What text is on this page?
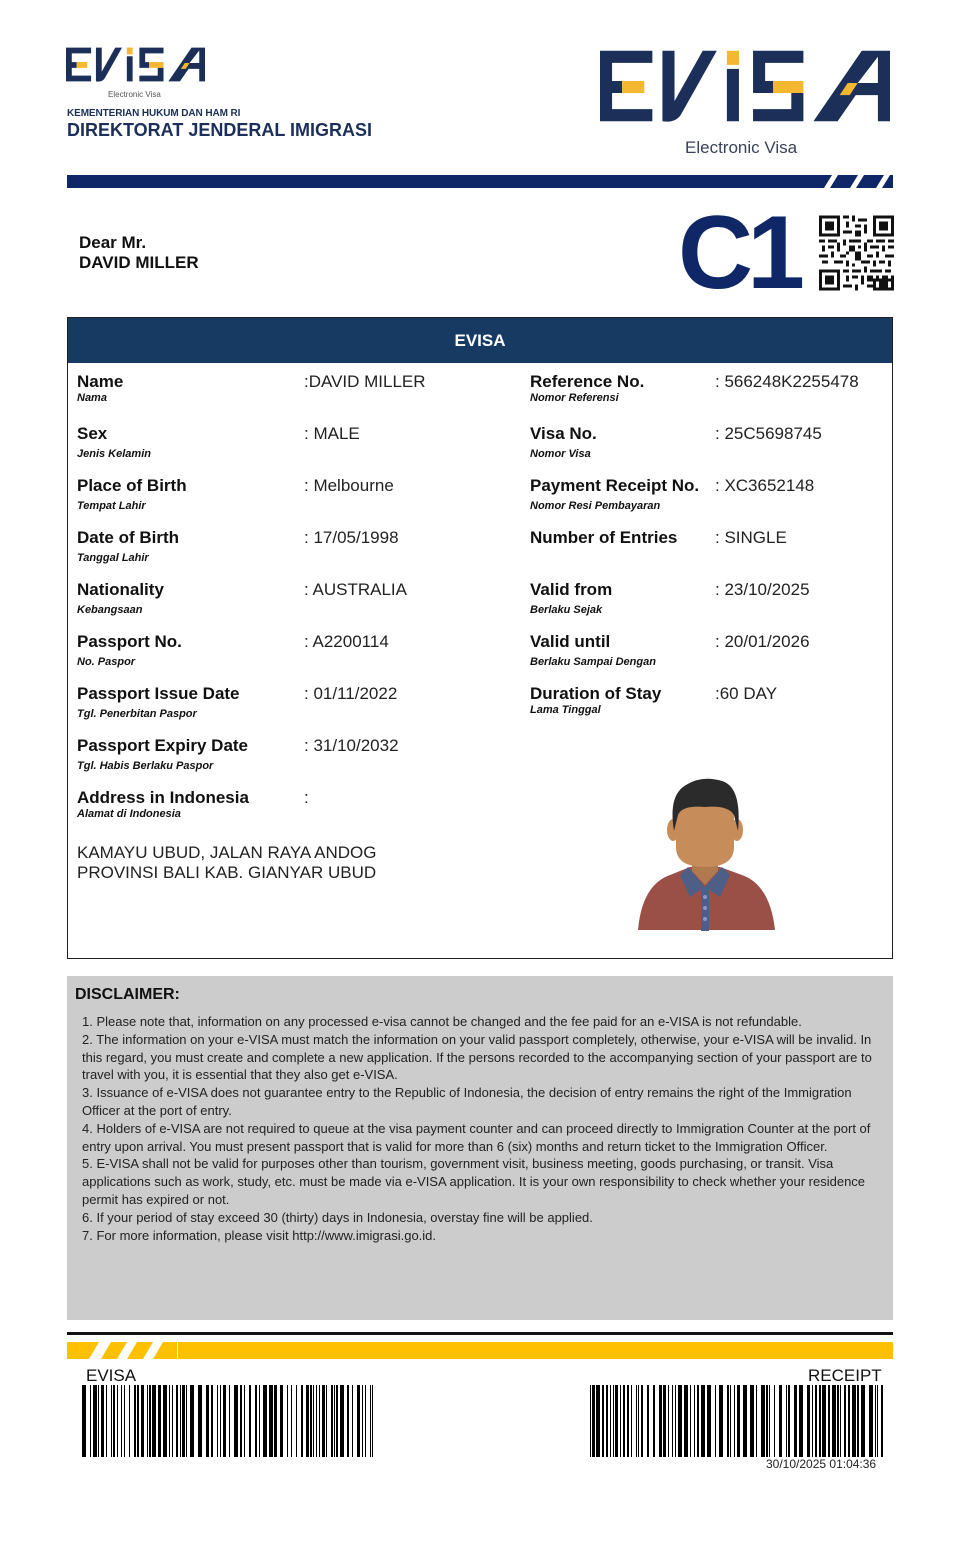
Electronic Visa
KEMENTERIAN HUKUM DAN HAM RI
DIREKTORAT JENDERAL IMIGRASI
Electronic Visa
Dear Mr.
DAVID MILLER	C1
EVISA
Name
Nama
:DAVID MILLER
Sex
Jenis Kelamin
: MALE
Place of Birth
Tempat Lahir
: Melbourne
Date of Birth
Tanggal Lahir
: 17/05/1998
Nationality
Kebangsaan
: AUSTRALIA
Passport No.
No. Paspor
: A2200114
Passport Issue Date
Tgl. Penerbitan Paspor
: 01/11/2022
Passport Expiry Date
Tgl. Habis Berlaku Paspor
: 31/10/2032
Address in Indonesia
Alamat di Indonesia
:
KAMAYU UBUD, JALAN RAYA ANDOG
PROVINSI BALI KAB. GIANYAR UBUD
Reference No.
Nomor Referensi
: 566248K2255478
Visa No.
Nomor Visa
: 25C5698745
Payment Receipt No.
Nomor Resi Pembayaran
: XC3652148
Number of Entries : SINGLE
Valid from
Berlaku Sejak
: 23/10/2025
Valid until
Berlaku Sampai Dengan
: 20/01/2026
Duration of Stay
Lama Tinggal
:60 DAY
DISCLAIMER:
1. Please note that, information on any processed e-visa cannot be changed and the fee paid for an e-VISA is not refundable.
2. The information on your e-VISA must match the information on your valid passport completely, otherwise, your e-VISA will be invalid. In this regard, you must create and complete a new application. If the persons recorded to the accompanying section of your passport are to travel with you, it is essential that they also get e-VISA.
3. Issuance of e-VISA does not guarantee entry to the Republic of Indonesia, the decision of entry remains the right of the Immigration Officer at the port of entry.
4. Holders of e-VISA are not required to queue at the visa payment counter and can proceed directly to Immigration Counter at the port of entry upon arrival. You must present passport that is valid for more than 6 (six) months and return ticket to the Immigration Officer.
5. E-VISA shall not be valid for purposes other than tourism, government visit, business meeting, goods purchasing, or transit. Visa applications such as work, study, etc. must be made via e-VISA application. It is your own responsibility to check whether your residence permit has expired or not.
6. If your period of stay exceed 30 (thirty) days in Indonesia, overstay fine will be applied.
7. For more information, please visit http://www.imigrasi.go.id.
EVISA	RECEIPT
30/10/2025 01:04:36
